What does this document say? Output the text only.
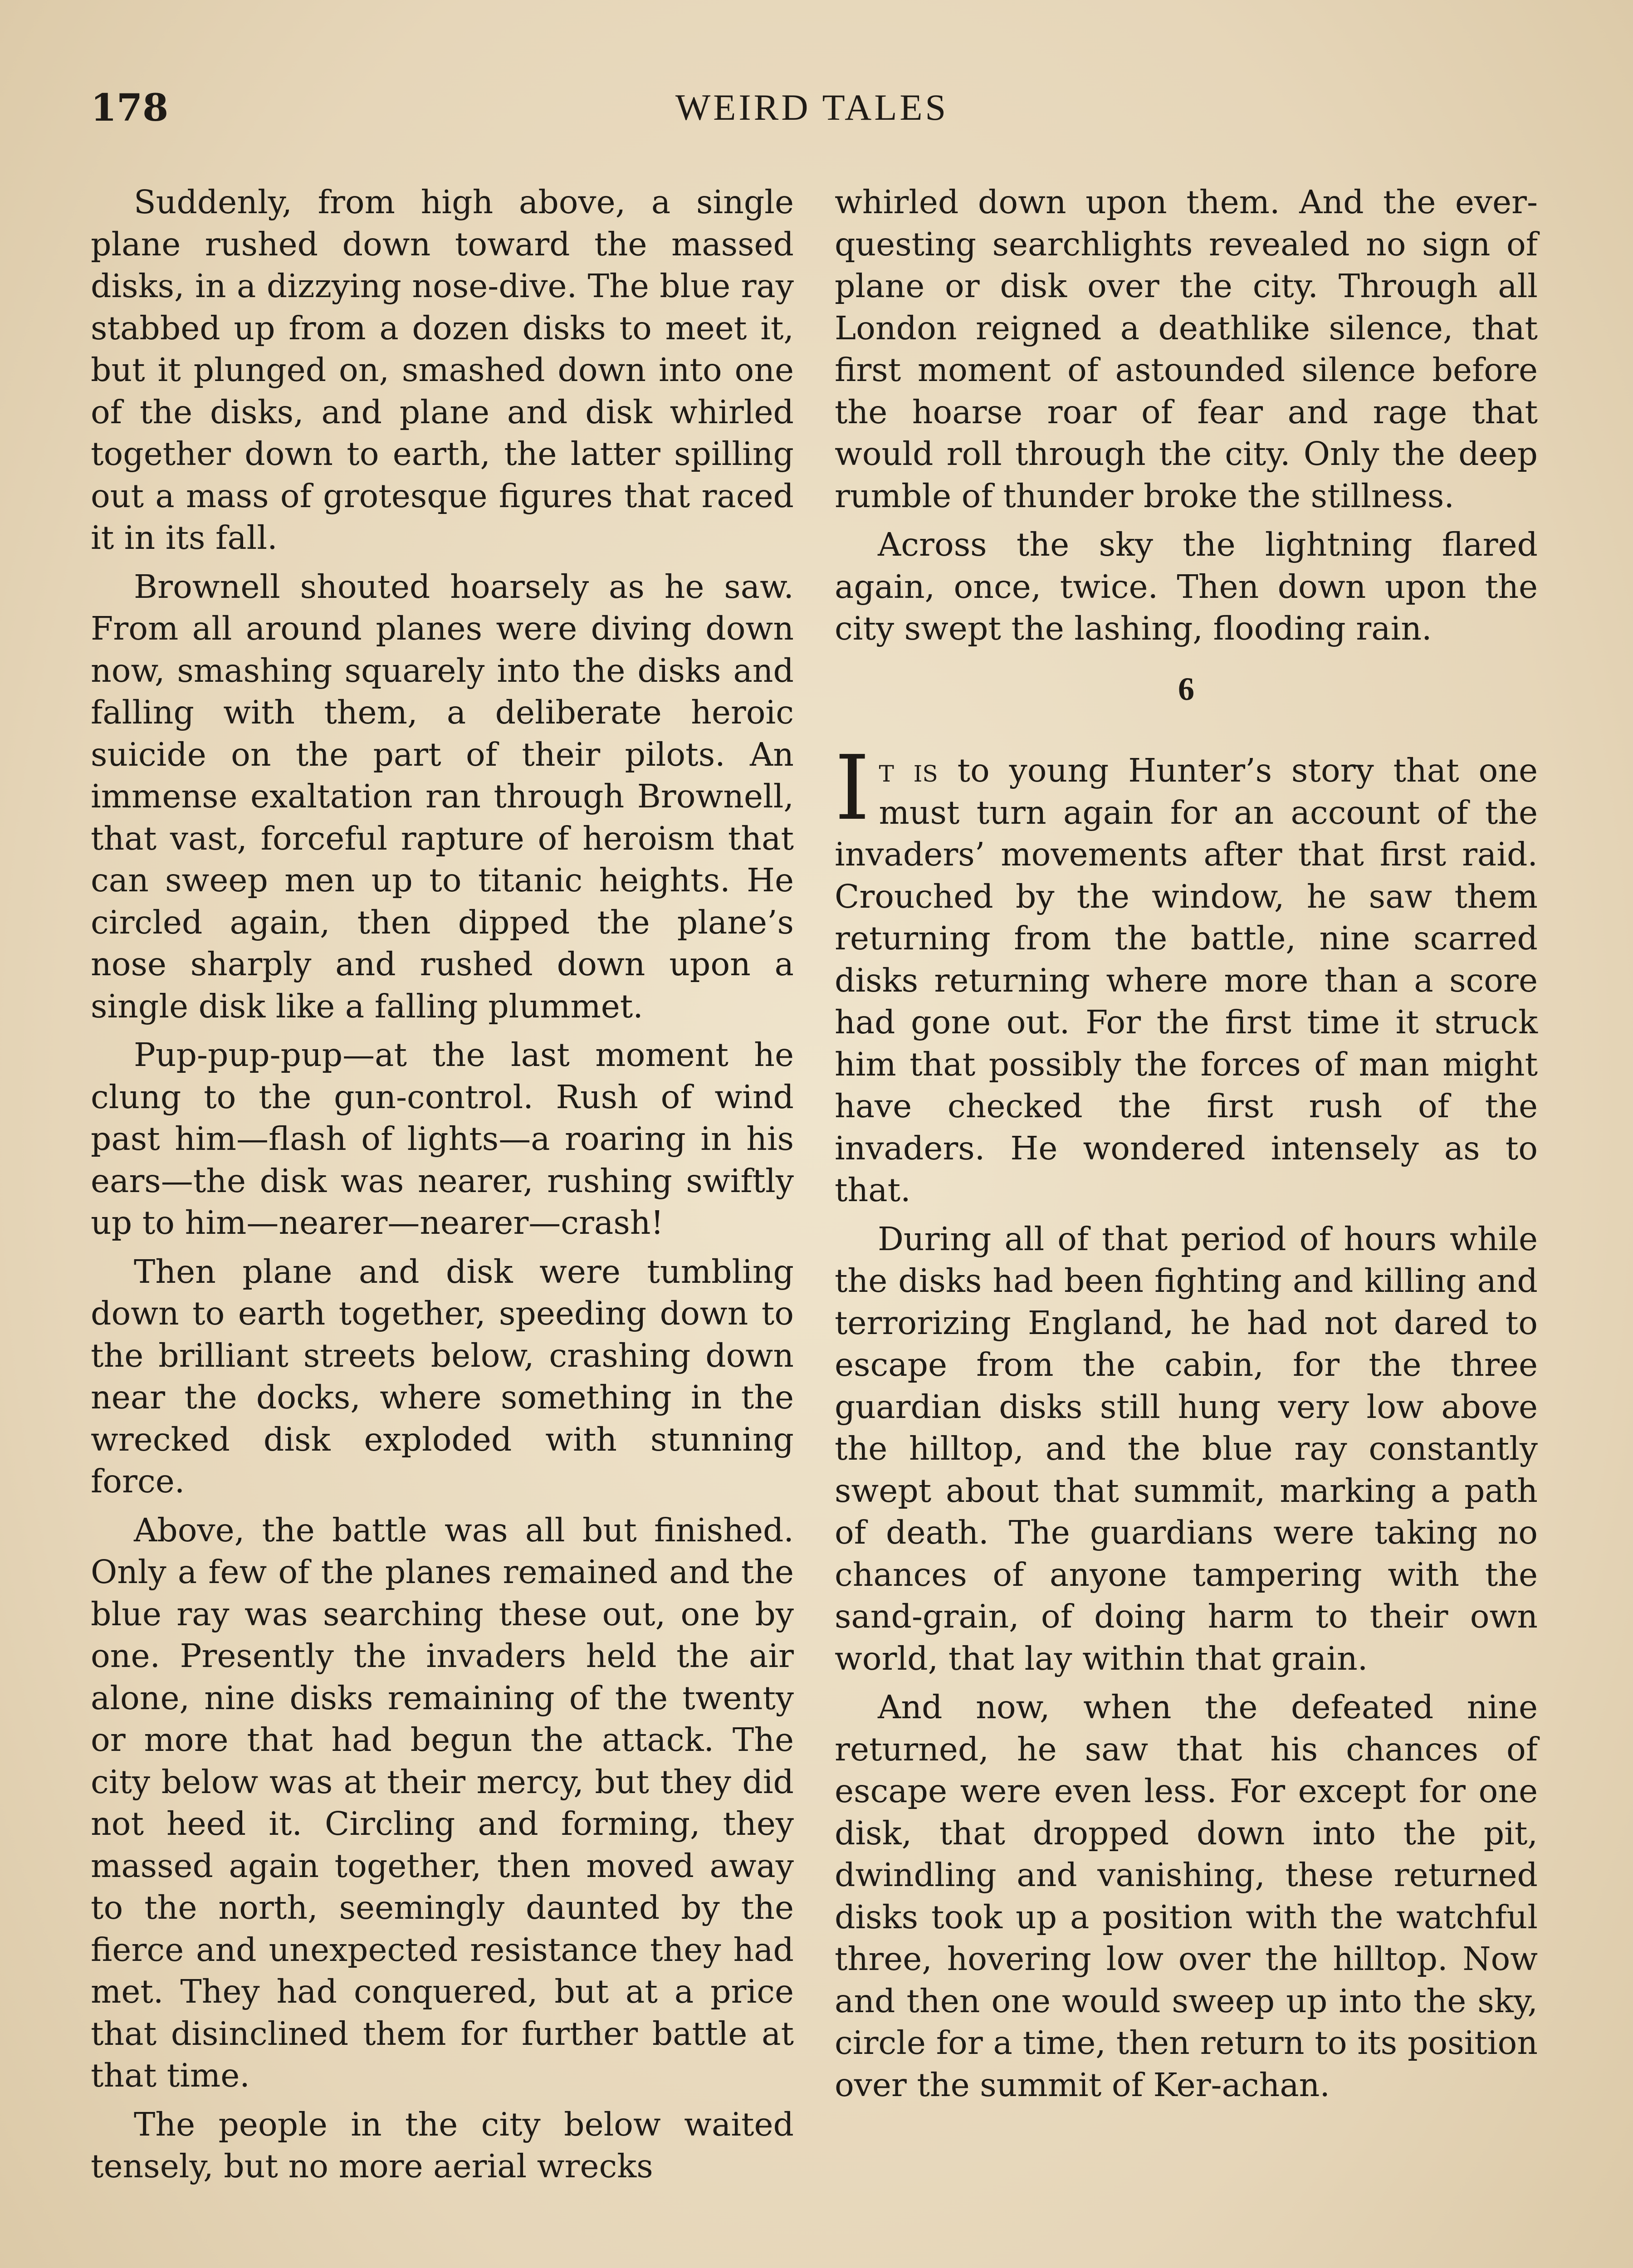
178	WEIRD TALES

Suddenly, from high above, a single plane rushed down toward the massed disks, in a dizzying nose-dive. The blue ray stabbed up from a dozen disks to meet it, but it plunged on, smashed down into one of the disks, and plane and disk whirled together down to earth, the latter spilling out a mass of grotesque figures that raced it in its fall.

Brownell shouted hoarsely as he saw. From all around planes were diving down now, smashing squarely into the disks and falling with them, a deliberate heroic suicide on the part of their pilots. An immense exaltation ran through Brownell, that vast, forceful rapture of heroism that can sweep men up to titanic heights. He circled again, then dipped the plane’s nose sharply and rushed down upon a single disk like a falling plummet.

Pup-pup-pup—at the last moment he clung to the gun-control. Rush of wind past him—flash of lights—a roaring in his ears—the disk was nearer, rushing swiftly up to him—nearer—nearer—crash!

Then plane and disk were tumbling down to earth together, speeding down to the brilliant streets below, crashing down near the docks, where something in the wrecked disk exploded with stunning force.

Above, the battle was all but finished. Only a few of the planes remained and the blue ray was searching these out, one by one. Presently the invaders held the air alone, nine disks remaining of the twenty or more that had begun the attack. The city below was at their mercy, but they did not heed it. Circling and forming, they massed again together, then moved away to the north, seemingly daunted by the fierce and unexpected resistance they had met. They had conquered, but at a price that disinclined them for further battle at that time.

The people in the city below waited tensely, but no more aerial wrecks

whirled down upon them. And the ever-questing searchlights revealed no sign of plane or disk over the city. Through all London reigned a deathlike silence, that first moment of astounded silence before the hoarse roar of fear and rage that would roll through the city. Only the deep rumble of thunder broke the stillness.

Across the sky the lightning flared again, once, twice. Then down upon the city swept the lashing, flooding rain.

6

It is to young Hunter’s story that one must turn again for an account of the invaders’ movements after that first raid. Crouched by the window, he saw them returning from the battle, nine scarred disks returning where more than a score had gone out. For the first time it struck him that possibly the forces of man might have checked the first rush of the invaders. He wondered intensely as to that.

During all of that period of hours while the disks had been fighting and killing and terrorizing England, he had not dared to escape from the cabin, for the three guardian disks still hung very low above the hilltop, and the blue ray constantly swept about that summit, marking a path of death. The guardians were taking no chances of anyone tampering with the sand-grain, of doing harm to their own world, that lay within that grain.

And now, when the defeated nine returned, he saw that his chances of escape were even less. For except for one disk, that dropped down into the pit, dwindling and vanishing, these returned disks took up a position with the watchful three, hovering low over the hilltop. Now and then one would sweep up into the sky, circle for a time, then return to its position over the summit of Ker-achan.
